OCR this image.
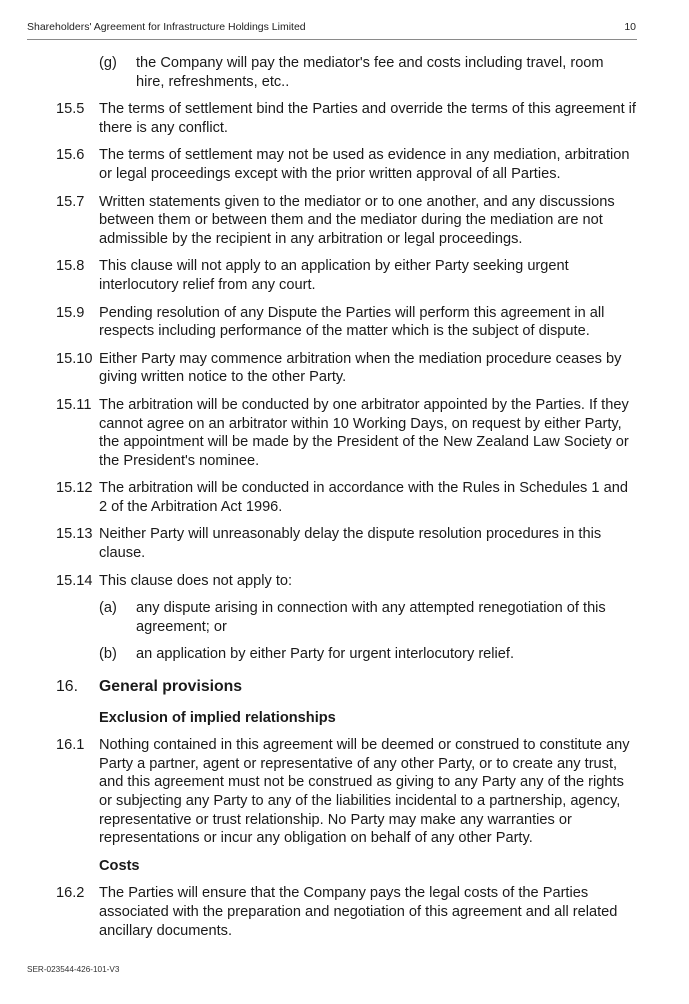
Shareholders' Agreement for Infrastructure Holdings Limited	10
(g)	the Company will pay the mediator's fee and costs including travel, room hire, refreshments, etc..
15.5 The terms of settlement bind the Parties and override the terms of this agreement if there is any conflict.
15.6 The terms of settlement may not be used as evidence in any mediation, arbitration or legal proceedings except with the prior written approval of all Parties.
15.7 Written statements given to the mediator or to one another, and any discussions between them or between them and the mediator during the mediation are not admissible by the recipient in any arbitration or legal proceedings.
15.8 This clause will not apply to an application by either Party seeking urgent interlocutory relief from any court.
15.9 Pending resolution of any Dispute the Parties will perform this agreement in all respects including performance of the matter which is the subject of dispute.
15.10 Either Party may commence arbitration when the mediation procedure ceases by giving written notice to the other Party.
15.11 The arbitration will be conducted by one arbitrator appointed by the Parties. If they cannot agree on an arbitrator within 10 Working Days, on request by either Party, the appointment will be made by the President of the New Zealand Law Society or the President's nominee.
15.12 The arbitration will be conducted in accordance with the Rules in Schedules 1 and 2 of the Arbitration Act 1996.
15.13 Neither Party will unreasonably delay the dispute resolution procedures in this clause.
15.14 This clause does not apply to:
(a)	any dispute arising in connection with any attempted renegotiation of this agreement; or
(b)	an application by either Party for urgent interlocutory relief.
16.	General provisions
Exclusion of implied relationships
16.1 Nothing contained in this agreement will be deemed or construed to constitute any Party a partner, agent or representative of any other Party, or to create any trust, and this agreement must not be construed as giving to any Party any of the rights or subjecting any Party to any of the liabilities incidental to a partnership, agency, representative or trust relationship. No Party may make any warranties or representations or incur any obligation on behalf of any other Party.
Costs
16.2 The Parties will ensure that the Company pays the legal costs of the Parties associated with the preparation and negotiation of this agreement and all related ancillary documents.
SER-023544-426-101-V3
